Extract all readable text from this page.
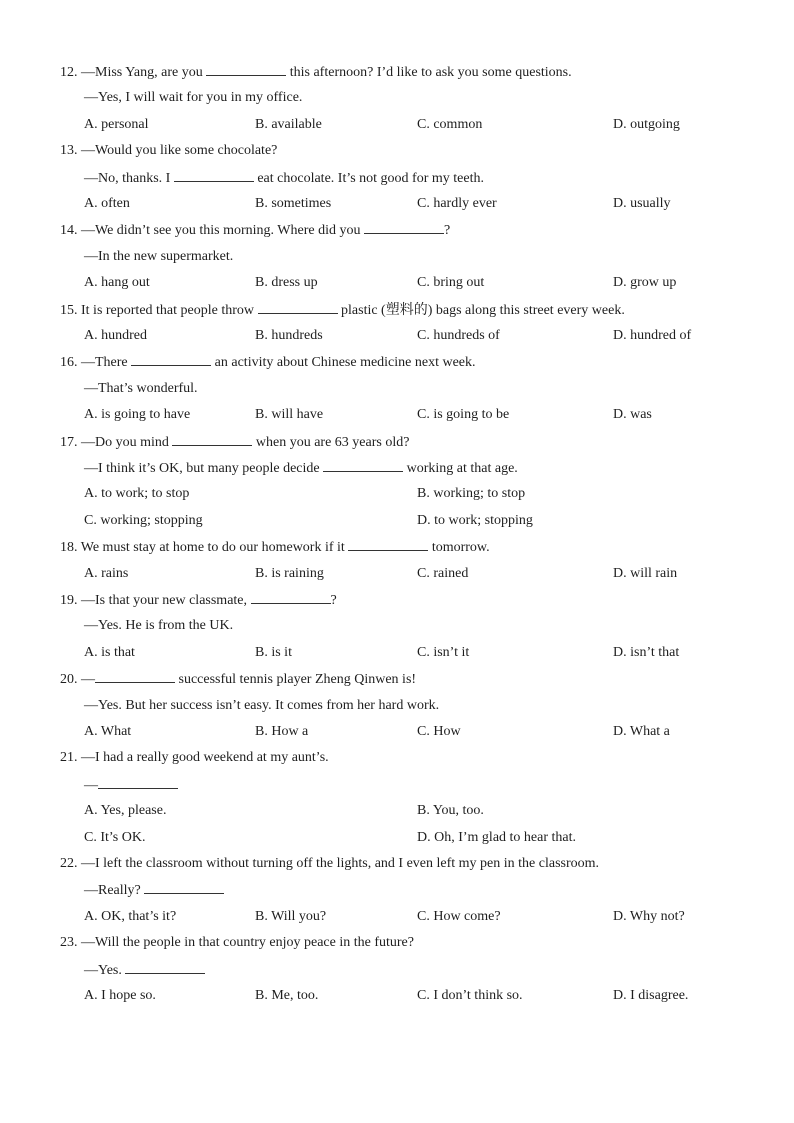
12. —Miss Yang, are you	this afternoon? I’d like to ask you some questions.
—Yes, I will wait for you in my office.
A. personal	B. available	C. common	D. outgoing
13. —Would you like some chocolate?
—No, thanks. I	eat chocolate. It’s not good for my teeth.
A. often	B. sometimes	C. hardly ever	D. usually
14. —We didn’t see you this morning. Where did you	?
—In the new supermarket.
A. hang out	B. dress up	C. bring out	D. grow up
15. It is reported that people throw	plastic (塑料的) bags along this street every week.
A. hundred	B. hundreds	C. hundreds of	D. hundred of
16. —There	an activity about Chinese medicine next week.
—That’s wonderful.
A. is going to have	B. will have	C. is going to be	D. was
17. —Do you mind	when you are 63 years old?
—I think it’s OK, but many people decide	working at that age.
A. to work; to stop	B. working; to stop
C. working; stopping	D. to work; stopping
18. We must stay at home to do our homework if it	tomorrow.
A. rains	B. is raining	C. rained	D. will rain
19. —Is that your new classmate,	?
—Yes. He is from the UK.
A. is that	B. is it	C. isn’t it	D. isn’t that
20. —	successful tennis player Zheng Qinwen is!
—Yes. But her success isn’t easy. It comes from her hard work.
A. What	B. How a	C. How	D. What a
21. —I had a really good weekend at my aunt’s.
—
A. Yes, please.	B. You, too.
C. It’s OK.	D. Oh, I’m glad to hear that.
22. —I left the classroom without turning off the lights, and I even left my pen in the classroom.
—Really?
A. OK, that’s it?	B. Will you?	C. How come?	D. Why not?
23. —Will the people in that country enjoy peace in the future?
—Yes.
A. I hope so.	B. Me, too.	C. I don’t think so.	D. I disagree.
